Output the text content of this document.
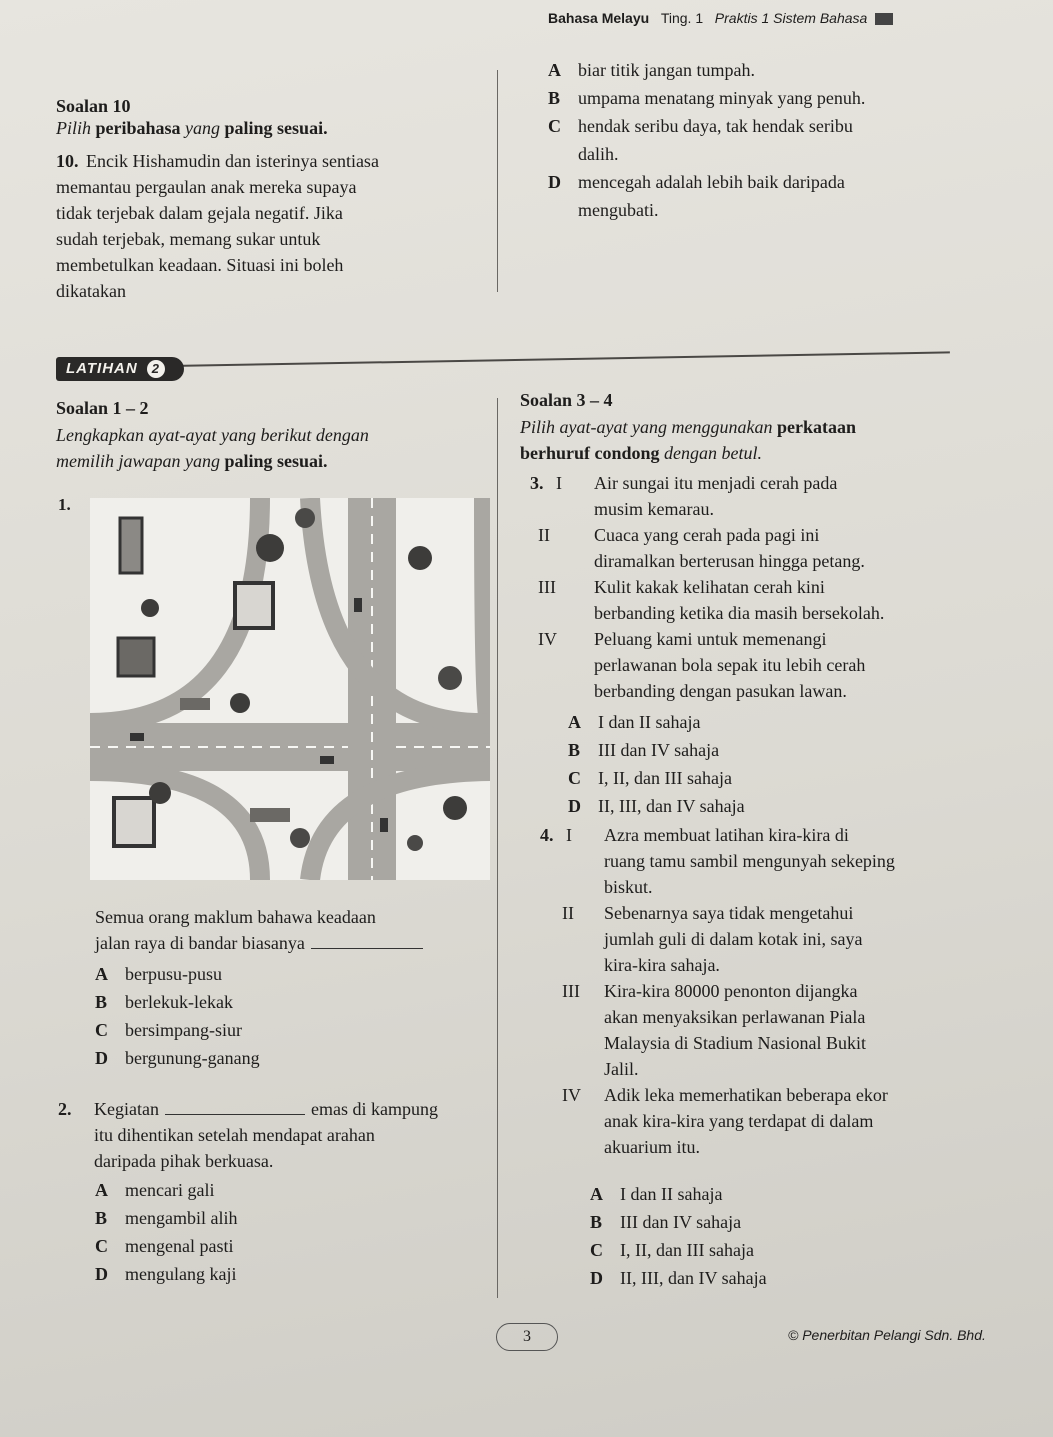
Bahasa Melayu Ting. 1 Praktis 1 Sistem Bahasa
Soalan 10
Pilih peribahasa yang paling sesuai.
10. Encik Hishamudin dan isterinya sentiasa
memantau pergaulan anak mereka supaya
tidak terjebak dalam gejala negatif. Jika
sudah terjebak, memang sukar untuk
membetulkan keadaan. Situasi ini boleh
dikatakan
A biar titik jangan tumpah.
B umpama menatang minyak yang penuh.
C hendak seribu daya, tak hendak seribu
dalih.
D mencegah adalah lebih baik daripada
mengubati.
LATIHAN 2
Soalan 1 – 2
Lengkapkan ayat-ayat yang berikut dengan
memilih jawapan yang paling sesuai.
1.
Semua orang maklum bahawa keadaan
jalan raya di bandar biasanya
A berpusu-pusu
B berlekuk-lekak
C bersimpang-siur
D bergunung-ganang
2. Kegiatan	emas di kampung
itu dihentikan setelah mendapat arahan
daripada pihak berkuasa.
A mencari gali
B mengambil alih
C mengenal pasti
D mengulang kaji
Soalan 3 – 4
Pilih ayat-ayat yang menggunakan perkataan
berhuruf condong dengan betul.
3. I Air sungai itu menjadi cerah pada
musim kemarau.
II Cuaca yang cerah pada pagi ini
diramalkan berterusan hingga petang.
III Kulit kakak kelihatan cerah kini
berbanding ketika dia masih bersekolah.
IV Peluang kami untuk memenangi
perlawanan bola sepak itu lebih cerah
berbanding dengan pasukan lawan.
A I dan II sahaja
B III dan IV sahaja
C I, II, dan III sahaja
D II, III, dan IV sahaja
4. I Azra membuat latihan kira-kira di
ruang tamu sambil mengunyah sekeping
biskut.
II Sebenarnya saya tidak mengetahui
jumlah guli di dalam kotak ini, saya
kira-kira sahaja.
III Kira-kira 80000 penonton dijangka
akan menyaksikan perlawanan Piala
Malaysia di Stadium Nasional Bukit
Jalil.
IV Adik leka memerhatikan beberapa ekor
anak kira-kira yang terdapat di dalam
akuarium itu.
A I dan II sahaja
B III dan IV sahaja
C I, II, dan III sahaja
D II, III, dan IV sahaja
3	© Penerbitan Pelangi Sdn. Bhd.
